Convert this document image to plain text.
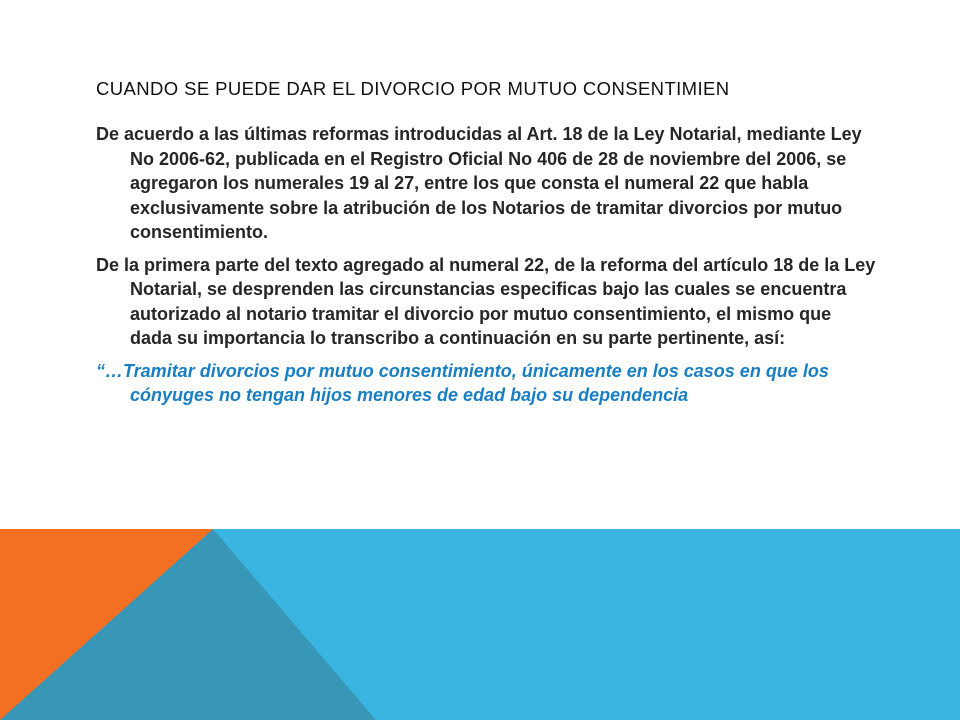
CUANDO SE PUEDE DAR EL DIVORCIO POR MUTUO CONSENTIMIEN

De acuerdo a las últimas reformas introducidas al Art. 18 de la Ley Notarial, mediante Ley No 2006-62, publicada en el Registro Oficial No 406 de 28 de noviembre del 2006, se agregaron los numerales 19 al 27, entre los que consta el numeral 22 que habla exclusivamente sobre la atribución de los Notarios de tramitar divorcios por mutuo consentimiento.

De la primera parte del texto agregado al numeral 22, de la reforma del artículo 18 de la Ley Notarial, se desprenden las circunstancias especificas bajo las cuales se encuentra autorizado al notario tramitar el divorcio por mutuo consentimiento, el mismo que dada su importancia lo transcribo a continuación en su parte pertinente, así:

“…Tramitar divorcios por mutuo consentimiento, únicamente en los casos en que los cónyuges no tengan hijos menores de edad bajo su dependencia
